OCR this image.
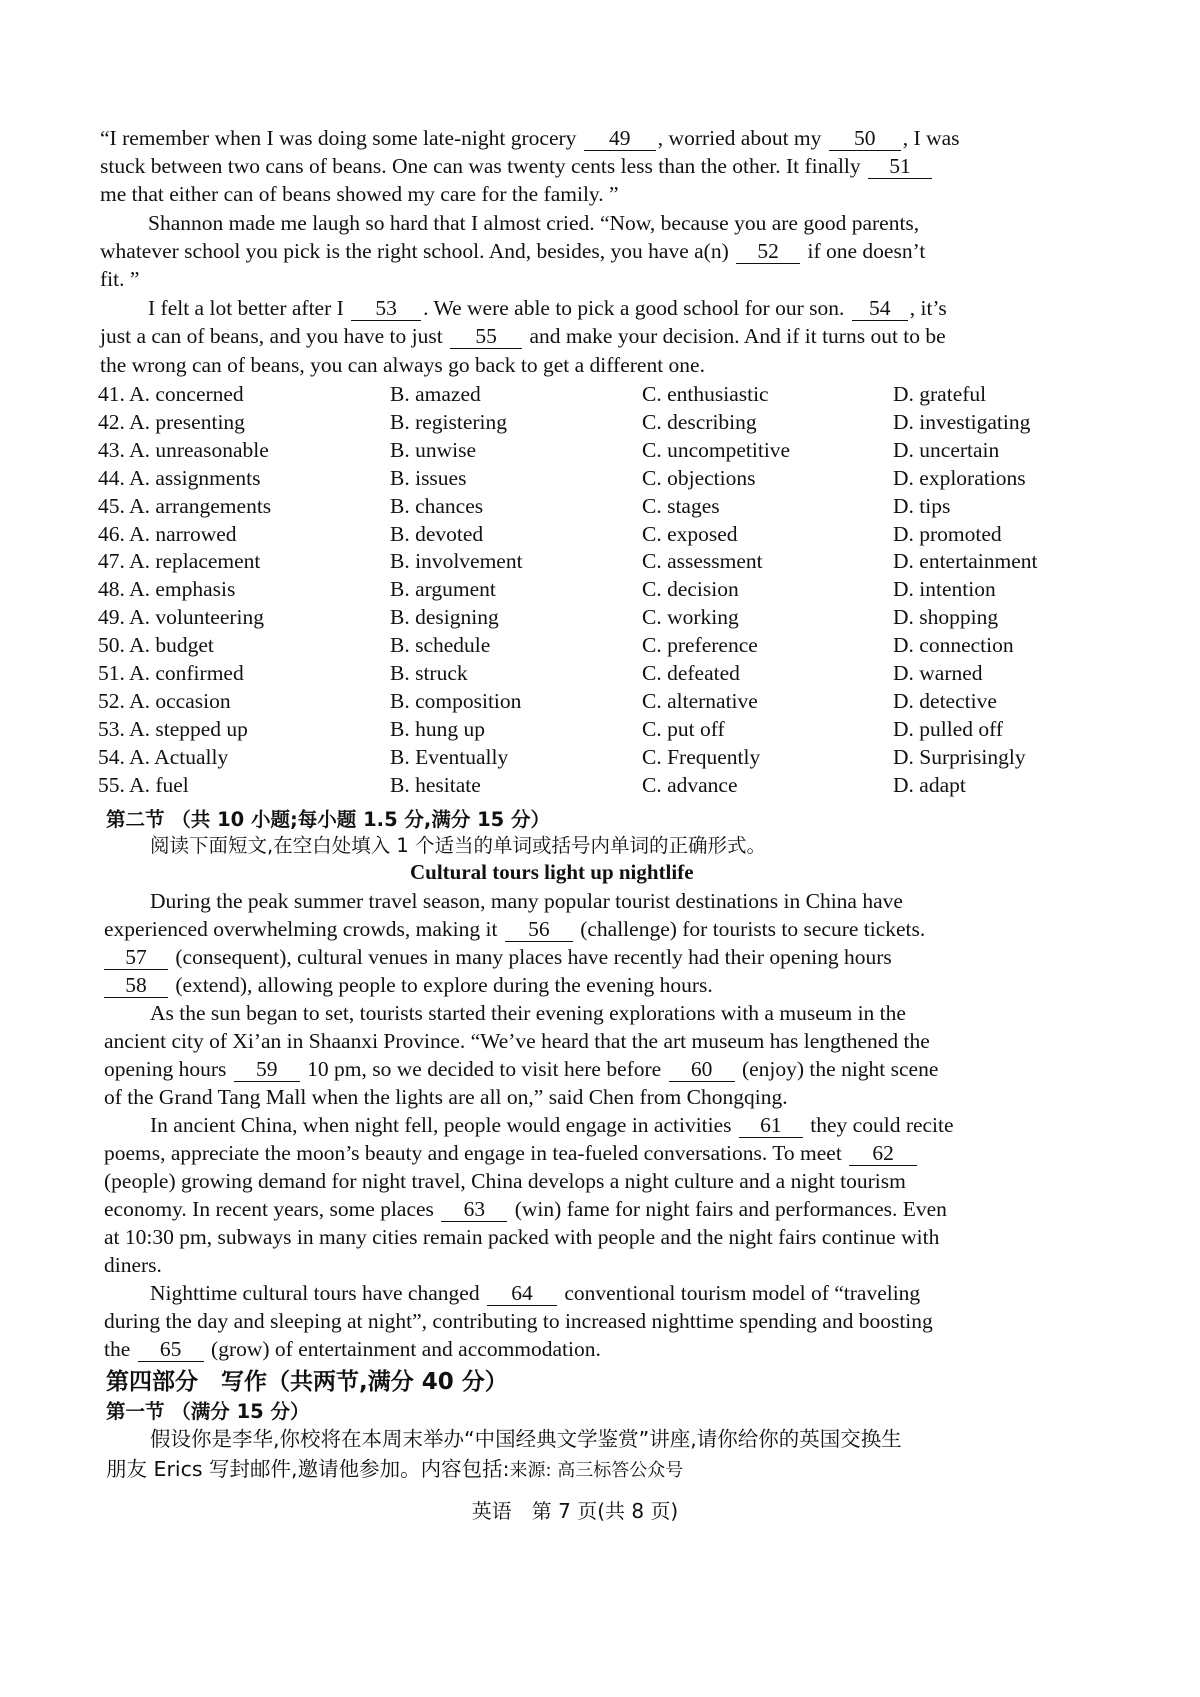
“I remember when I was doing some late-night grocery 49 , worried about my 50 , I was
stuck between two cans of beans. One can was twenty cents less than the other. It finally 51
me that either can of beans showed my care for the family. ”
Shannon made me laugh so hard that I almost cried. “Now, because you are good parents,
whatever school you pick is the right school. And, besides, you have a(n) 52 if one doesn’t
fit. ”
I felt a lot better after I 53 . We were able to pick a good school for our son. 54 , it’s
just a can of beans, and you have to just 55 and make your decision. And if it turns out to be
the wrong can of beans, you can always go back to get a different one.
41. A. concerned	B. amazed	C. enthusiastic	D. grateful
42. A. presenting	B. registering	C. describing	D. investigating
43. A. unreasonable	B. unwise	C. uncompetitive	D. uncertain
44. A. assignments	B. issues	C. objections	D. explorations
45. A. arrangements	B. chances	C. stages	D. tips
46. A. narrowed	B. devoted	C. exposed	D. promoted
47. A. replacement	B. involvement	C. assessment	D. entertainment
48. A. emphasis	B. argument	C. decision	D. intention
49. A. volunteering	B. designing	C. working	D. shopping
50. A. budget	B. schedule	C. preference	D. connection
51. A. confirmed	B. struck	C. defeated	D. warned
52. A. occasion	B. composition	C. alternative	D. detective
53. A. stepped up	B. hung up	C. put off	D. pulled off
54. A. Actually	B. Eventually	C. Frequently	D. Surprisingly
55. A. fuel	B. hesitate	C. advance	D. adapt
第二节 （共 10 小题;每小题 1.5 分,满分 15 分）
阅读下面短文,在空白处填入 1 个适当的单词或括号内单词的正确形式。
Cultural tours light up nightlife
During the peak summer travel season, many popular tourist destinations in China have
experienced overwhelming crowds, making it 56 (challenge) for tourists to secure tickets.
57 (consequent), cultural venues in many places have recently had their opening hours
58 (extend), allowing people to explore during the evening hours.
As the sun began to set, tourists started their evening explorations with a museum in the
ancient city of Xi’an in Shaanxi Province. “We’ve heard that the art museum has lengthened the
opening hours 59 10 pm, so we decided to visit here before 60 (enjoy) the night scene
of the Grand Tang Mall when the lights are all on,” said Chen from Chongqing.
In ancient China, when night fell, people would engage in activities 61 they could recite
poems, appreciate the moon’s beauty and engage in tea-fueled conversations. To meet 62
(people) growing demand for night travel, China develops a night culture and a night tourism
economy. In recent years, some places 63 (win) fame for night fairs and performances. Even
at 10:30 pm, subways in many cities remain packed with people and the night fairs continue with
diners.
Nighttime cultural tours have changed 64 conventional tourism model of “traveling
during the day and sleeping at night”, contributing to increased nighttime spending and boosting
the 65 (grow) of entertainment and accommodation.
第四部分　写作（共两节,满分 40 分）
第一节 （满分 15 分）
假设你是李华,你校将在本周末举办“中国经典文学鉴赏”讲座,请你给你的英国交换生
朋友 Erics 写封邮件,邀请他参加。内容包括:来源: 高三标答公众号
英语　第 7 页(共 8 页)
